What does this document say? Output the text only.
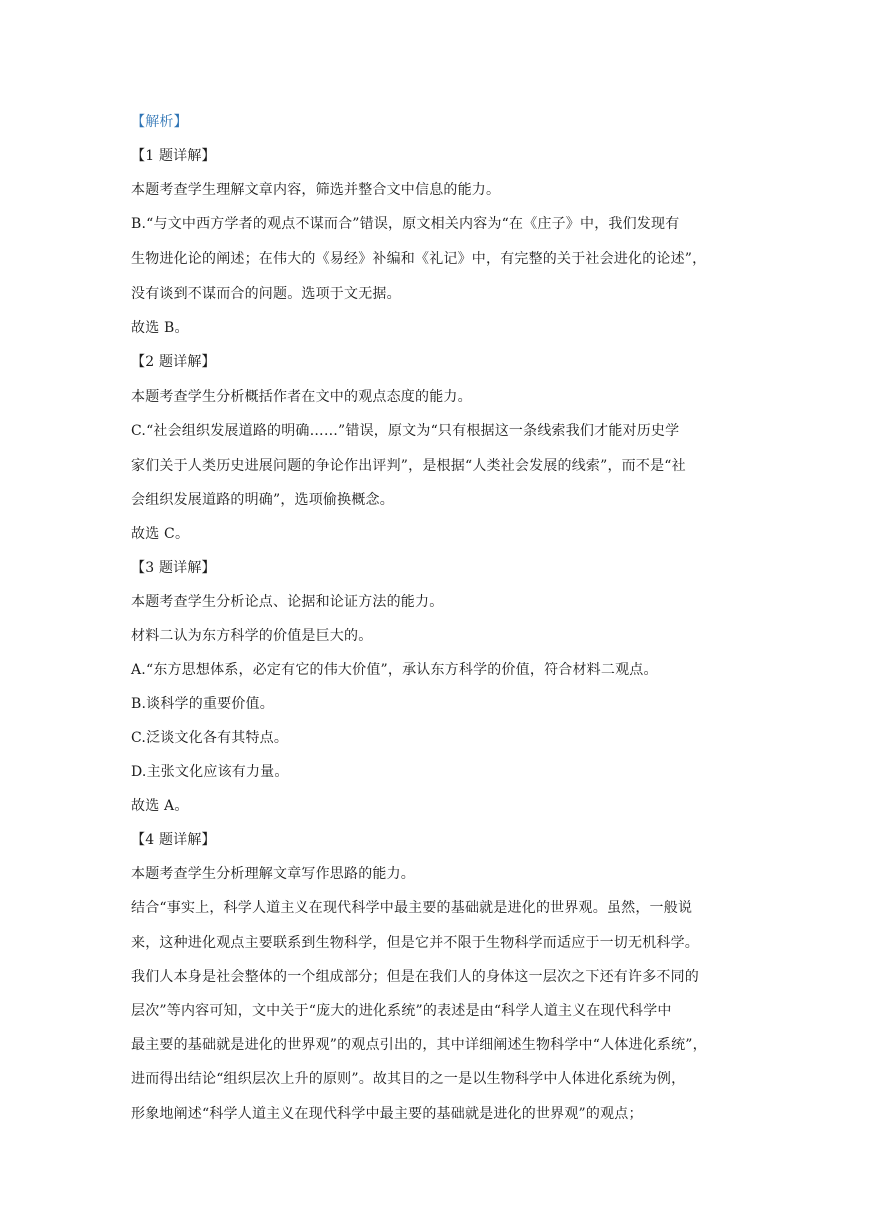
【解析】
【1 题详解】
本题考查学生理解文章内容，筛选并整合文中信息的能力。
B.“与文中西方学者的观点不谋而合”错误，原文相关内容为“在《庄子》中，我们发现有
生物进化论的阐述；在伟大的《易经》补编和《礼记》中，有完整的关于社会进化的论述”，
没有谈到不谋而合的问题。选项于文无据。
故选 B。
【2 题详解】
本题考查学生分析概括作者在文中的观点态度的能力。
C.“社会组织发展道路的明确……”错误，原文为“只有根据这一条线索我们才能对历史学
家们关于人类历史进展问题的争论作出评判”，是根据“人类社会发展的线索”，而不是“社
会组织发展道路的明确”，选项偷换概念。
故选 C。
【3 题详解】
本题考查学生分析论点、论据和论证方法的能力。
材料二认为东方科学的价值是巨大的。
A.“东方思想体系，必定有它的伟大价值”，承认东方科学的价值，符合材料二观点。
B.谈科学的重要价值。
C.泛谈文化各有其特点。
D.主张文化应该有力量。
故选 A。
【4 题详解】
本题考查学生分析理解文章写作思路的能力。
结合“事实上，科学人道主义在现代科学中最主要的基础就是进化的世界观。虽然，一般说
来，这种进化观点主要联系到生物科学，但是它并不限于生物科学而适应于一切无机科学。
我们人本身是社会整体的一个组成部分；但是在我们人的身体这一层次之下还有许多不同的
层次”等内容可知，文中关于“庞大的进化系统”的表述是由“科学人道主义在现代科学中
最主要的基础就是进化的世界观”的观点引出的，其中详细阐述生物科学中“人体进化系统”，
进而得出结论“组织层次上升的原则”。故其目的之一是以生物科学中人体进化系统为例，
形象地阐述“科学人道主义在现代科学中最主要的基础就是进化的世界观”的观点；
